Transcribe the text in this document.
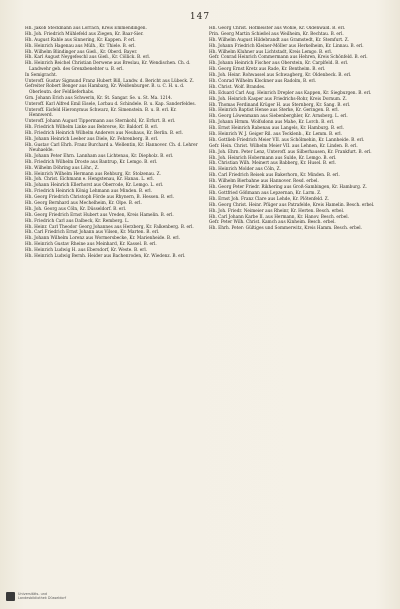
147

Hh. Jakob Steckmann aus Lörrach, Kreis Emmendingen.

Hh. Joh. Friedrich Mühlefeld aus Ziegen, Kr. Baar-Sier.

Hh. August Rahle aus Sinnering, Kr. Kappen. P. erl.

Hh. Heinrich Hagenau aus Mülh., Kr. Thiele. B. erl.

Hh. Wilhelm Blindinger aus Gieß., Kr. Oberd. Bayer.

Hh. Karl August Neygefeschl aus Gieß., Kr. Cöllick. B. erl.

Hh. Heinrich Reichel Christian Derwene aus Breslau, Kr. Wendischen. Ch. d. Landwehr geb. des Grenzbenehter u. B. erl.

In Semigracht.

Unteroff. Gustav Sigmund Franz Hubert Bill, Landw. d. Bericht aus Lübeck. Z.

Gefreiter Robert Benger aus Hambarg, Kr. Weißenburger. B. u. C. H. u. d. Oberleutn. der Feldlieferhabs.

Grn. Johann Erich aus Schwerin, Kr. St. Sangar. Se. u. St. Ma. 1214.

Unteroff. Karl Alfred Emil Eisele, Lorbau d. Schindele. B. u. Kap. Sanderfeldes.

Unteroff. Eisfeld Hieronymus Schwarz, Kr. Simenstein. B. u. B. erl. Kr. Hennwerd.

Unteroff. Johann August Tippermann aus Sternkohl, Kr. Erfurt. B. erl.

Hh. Friedrich Wilhelm Linke aus Bebrerse, Kr. Baldorf. B. erl.

Hh. Friedrich Heinrich Wilhelm Anderers aus Neuhaus, Kr. Berlin. B. erl.

Hh. Johann Heinrich Leeber aus Diele, Kr. Fehrenberg. B. erl.

Hh. Gustav Carl Ehrh. Franz Burchard a. Wellentin, Kr. Hannover. Ch. d. Lehrer Neuhaelde.

Hh. Johann Peter Ehrn. Lannham aus Lichtenau, Kr. Diepholz. B. erl.

Hh. Friedrich Wilhelm Droste aus Bantrup, Kr. Lemgo. B. erl.

Hh. Wilhelm Döhring aus Löhr., Z.

Hh. Heinrich Wilhelm Hermann aus Rehburg, Kr. Stolzenau. Z.

Hh. Joh. Christ. Eichmann e. Hengstenau, Kr. Hanau. L. erl.

Hh. Johann Heinrich Ellerhorst aus Oberrode, Kr. Lemgo. L. erl.

Hh. Friedrich Heinrich König Lehmann aus Minden. B. erl.

Hh. Georg Friedrich Christoph Förde aus Rhynern, B. Hessen. B. erl.

Hh. Georg Bernhard aus Mechelheim, Kr. Olpe. B. erl.

Hh. Joh. Georg aus Cöln, Kr. Düsseldorf. B. erl.

Hh. Georg Friedrich Ernst Hubert aus Vreden, Kreis Hamelin. B. erl.

Hh. Friedrich Carl aus Dalbeck, Kr. Remberg. L.

Hh. Heinr. Carl Theodor Georg Johannes aus Herzberg, Kr. Falkenberg. B. erl.

Hh. Carl Friedrich Ernst Johann aus Vilsen, Kr. Marten. B. erl.

Hh. Johann Wilhelm Lorenz aus Wormersbecke, Kr. Marienheide. B. erl.

Hh. Heinrich Gustav Rheine aus Meinhard, Kr. Kassel. B. erl.

Hh. Heinrich Ludwig H. aus Ebersdorf, Kr. Weste. B. erl.

Hh. Heinrich Ludwig Bernh. Heider aus Bachenroden, Kr. Wiedenz. B. erl.

Hh. Georg Christ. Hofmeister aus Wöhle, Kr. Oldenwald. B. erl.

Prin. Georg Martin Schießel aus Weilheim, Kr. Bechtau. B. erl.

Hh. Wilhelm August Hildebrandt aus Gramstedt, Kr. Stemfurt. Z.

Hh. Johann Friedrich Kleiner-Möller aus Herkelheim, Kr. Linnau. B. erl.

Hh. Wilhelm Kluhner aus Lichtstadt, Kreis Lemgo. B. erl.

Gefr. Conrad Heinrich Commermann aus Hehren, Kreis Schönfeld. B. erl.

Hh. Johann Heinrich Fischer aus Oberstein, Kr. Carplfeld. B. erl.

Hh. Georg Ernst Kretz aus Rade, Kr. Bentheim. B. erl.

Hh. Joh. Heinr. Rohwassel aus Schwagberg, Kr. Oldenbeck. B. erl.

Hh. Conrad Wilhelm Klockner aus Radolm, B. erl.

Hh. Christ. Wolf. Brandes.

Hh. Eduard Carl Aug. Heinrich Drepler aus Kappen, Kr. Siegburgen. B. erl.

Hh. Joh. Heinrich Kasper aus Friedrichs-Rohr, Kreis Dornum. Z.

Hh. Thomas Ferdinand Krüger H. aus Sternberg, Kr. Sang. B. erl.

Hh. Heinrich Baptist Hense aus Sterke, Kr. Geringen. B. erl.

Hh. Georg Löwenmann aus Siebenberghler, Kr. Arnsberg. L. erl.

Hh. Johann Hrmm. Wolfsdonn aus Mahe, Kr. Lorch. B. erl.

Hh. Ernst Heinrich Rabenau aus Langels, Kr. Hamburg. B. erl.

Hh. Heinrich W. J. Geiger Ril. aus Tecklenb., Kr. Lemm. B. erl.

Hh. Gottlieb Friedrich Meier VII. aus Schölmehin, Kr. Lannheide. B. erl.

Gefr. Hein. Christ. Wilhelm Meier VII. aus Lehnen, Kr. Linden. B. erl.

Hh. Joh. Ehrn. Peter Lenz, Unteroff. aus Silberhausen, Kr. Frankfurt. B. erl.

Hh. Joh. Heinrich Hobermann aus Sulde, Kr. Lemgo. B. erl.

Hh. Christian Wilh. Meinert aus Babberg, Kr. Husel. B. erl.

Hh. Heinrich Molder aus Cöln, Z.

Hh. Carl Friedrich Reisek aus Bakerhorn, Kr. Minden. B. erl.

Hh. Wilhelm Bierbahne aus Hannover. Resd. erbel.

Hh. Georg Peter Friedr. Rikhering aus Groß-Sambingen, Kr. Hamburg. Z.

Hh. Gottfried Gößmann aus Lepzernan, Kr. Larm. Z.

Hh. Ernst Joh. Franz Clare aus Lehde, Kr. Plötenfeld. Z.

Hh. Georg Christ. Heinr. Pfüger aus Patrafelde, Kreis Hamelin. Besch. erbel.

Hh. Joh. Friedr. Neimeier aus Rheinr, Kr. Herten. Besch. erbel.

Hh. Carl Johann Karbe II. aus Hermann, Kr. Hanov. Besch. erbel.

Gefr. Peter Wilh. Christ. Kamch aus Kinheim. Besch. erbel.

Hh. Ehrh. Peter: Gültiges und Sommerwitz, Kreis Hamm. Besch. erbel.

Universitäts- und
Landesbibliothek Düsseldorf
